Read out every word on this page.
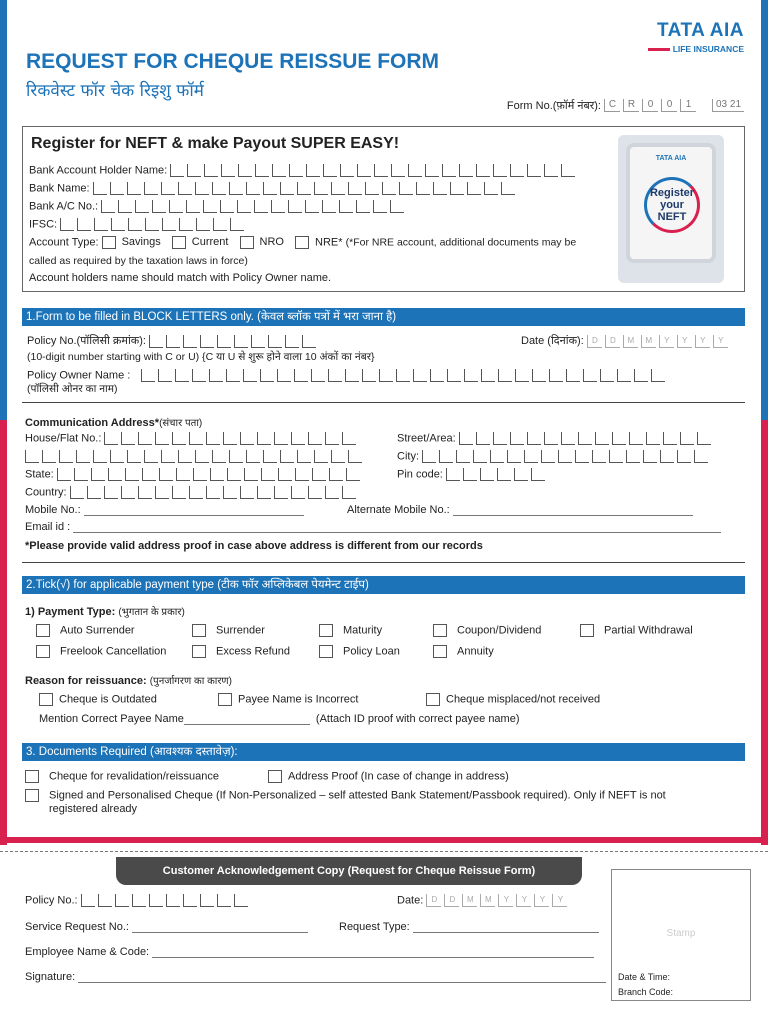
TATA AIA
LIFE INSURANCE
REQUEST FOR CHEQUE REISSUE FORM
रिकवेस्ट फॉर चेक रिइशु फॉर्म
Form No.(फ़ॉर्म नंबर): C	R	0	0	1	03 21
Register for NEFT & make Payout SUPER EASY!
Bank Account Holder Name:
Bank Name:
Bank A/C No.:
IFSC:
Account Type: Savings	Current	NRO	NRE* (*For NRE account, additional documents may be
called as required by the taxation laws in force)
Account holders name should match with Policy Owner name.
TATA AIA
Register
your
NEFT
1.Form to be filled in BLOCK LETTERS only. (केवल ब्लॉक पत्रों में भरा जाना है)
Policy No.(पॉलिसी क्रमांक):	Date (दिनांक):	D	D	M	M	Y	Y	Y	Y
(10-digit number starting with C or U) {C या U से शुरू होने वाला 10 अंकों का नंबर}
Policy Owner Name :
(पॉलिसी ओनर का नाम)
Communication Address*(संचार पता)
House/Flat No.:	Street/Area:
City:
State:	Pin code:
Country:
Mobile No.:	Alternate Mobile No.:
Email id :
*Please provide valid address proof in case above address is different from our records
2.Tick(√) for applicable payment type (टीक फॉर अप्लिकेबल पेयमेन्ट टाईप)
1) Payment Type: (भुगतान के प्रकार)
Auto Surrender	Surrender	Maturity	Coupon/Dividend	Partial Withdrawal
Freelook Cancellation	Excess Refund	Policy Loan	Annuity
Reason for reissuance: (पुनर्जागरण का कारण)
Cheque is Outdated	Payee Name is Incorrect	Cheque misplaced/not received
Mention Correct Payee Name	(Attach ID proof with correct payee name)
3. Documents Required (आवश्यक दस्तावेज़):
Cheque for revalidation/reissuance	Address Proof (In case of change in address)
Signed and Personalised Cheque (If Non-Personalized – self attested Bank Statement/Passbook required). Only if NEFT is not
registered already
Customer Acknowledgement Copy (Request for Cheque Reissue Form)
Policy No.:	Date:	D	D	M	M	Y	Y	Y	Y
Service Request No.:	Request Type:
Employee Name & Code:
Signature:
Stamp
Date & Time:
Branch Code:
